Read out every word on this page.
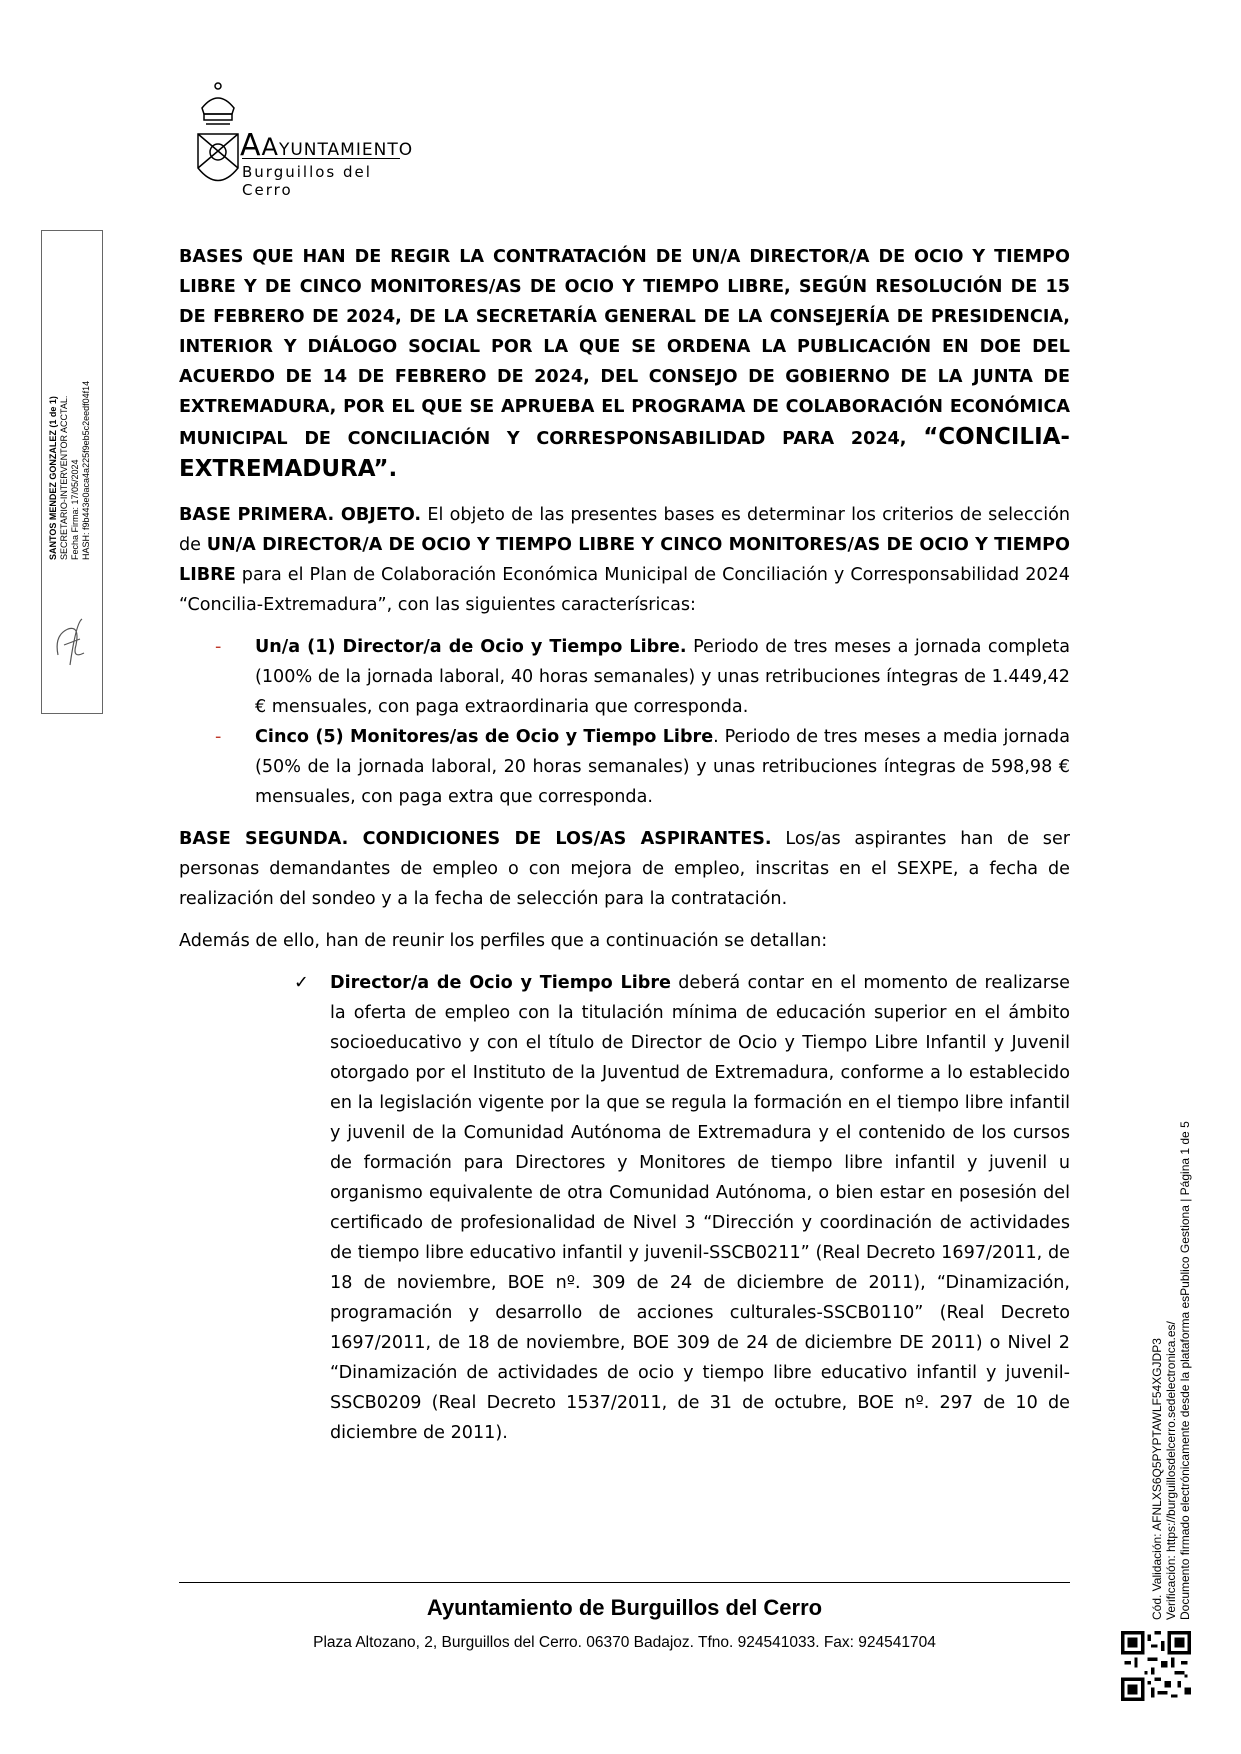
AAyuntamiento
Burguillos del Cerro
SANTOS MENDEZ GONZALEZ (1 de 1) SECRETARIO-INTERVENTOR ACCTAL. Fecha Firma: 17/05/2024 HASH: f9b443e0aca4a225f9eb5c2eedf04f14

BASES QUE HAN DE REGIR LA CONTRATACIÓN DE UN/A DIRECTOR/A DE OCIO Y TIEMPO LIBRE Y DE CINCO MONITORES/AS DE OCIO Y TIEMPO LIBRE, SEGÚN RESOLUCIÓN DE 15 DE FEBRERO DE 2024, DE LA SECRETARÍA GENERAL DE LA CONSEJERÍA DE PRESIDENCIA, INTERIOR Y DIÁLOGO SOCIAL POR LA QUE SE ORDENA LA PUBLICACIÓN EN DOE DEL ACUERDO DE 14 DE FEBRERO DE 2024, DEL CONSEJO DE GOBIERNO DE LA JUNTA DE EXTREMADURA, POR EL QUE SE APRUEBA EL PROGRAMA DE COLABORACIÓN ECONÓMICA MUNICIPAL DE CONCILIACIÓN Y CORRESPONSABILIDAD PARA 2024, “CONCILIA-EXTREMADURA”.

BASE PRIMERA. OBJETO. El objeto de las presentes bases es determinar los criterios de selección de UN/A DIRECTOR/A DE OCIO Y TIEMPO LIBRE Y CINCO MONITORES/AS DE OCIO Y TIEMPO LIBRE para el Plan de Colaboración Económica Municipal de Conciliación y Corresponsabilidad 2024 “Concilia-Extremadura”, con las siguientes caracterísricas:

- Un/a (1) Director/a de Ocio y Tiempo Libre. Periodo de tres meses a jornada completa (100% de la jornada laboral, 40 horas semanales) y unas retribuciones íntegras de 1.449,42 € mensuales, con paga extraordinaria que corresponda.
- Cinco (5) Monitores/as de Ocio y Tiempo Libre. Periodo de tres meses a media jornada (50% de la jornada laboral, 20 horas semanales) y unas retribuciones íntegras de 598,98 € mensuales, con paga extra que corresponda.

BASE SEGUNDA. CONDICIONES DE LOS/AS ASPIRANTES. Los/as aspirantes han de ser personas demandantes de empleo o con mejora de empleo, inscritas en el SEXPE, a fecha de realización del sondeo y a la fecha de selección para la contratación.

Además de ello, han de reunir los perfiles que a continuación se detallan:

✓ Director/a de Ocio y Tiempo Libre deberá contar en el momento de realizarse la oferta de empleo con la titulación mínima de educación superior en el ámbito socioeducativo y con el título de Director de Ocio y Tiempo Libre Infantil y Juvenil otorgado por el Instituto de la Juventud de Extremadura, conforme a lo establecido en la legislación vigente por la que se regula la formación en el tiempo libre infantil y juvenil de la Comunidad Autónoma de Extremadura y el contenido de los cursos de formación para Directores y Monitores de tiempo libre infantil y juvenil u organismo equivalente de otra Comunidad Autónoma, o bien estar en posesión del certificado de profesionalidad de Nivel 3 “Dirección y coordinación de actividades de tiempo libre educativo infantil y juvenil-SSCB0211” (Real Decreto 1697/2011, de 18 de noviembre, BOE nº. 309 de 24 de diciembre de 2011), “Dinamización, programación y desarrollo de acciones culturales-SSCB0110” (Real Decreto 1697/2011, de 18 de noviembre, BOE 309 de 24 de diciembre DE 2011) o Nivel 2 “Dinamización de actividades de ocio y tiempo libre educativo infantil y juvenil-SSCB0209 (Real Decreto 1537/2011, de 31 de octubre, BOE nº. 297 de 10 de diciembre de 2011).
Ayuntamiento de Burguillos del Cerro
Plaza Altozano, 2, Burguillos del Cerro. 06370 Badajoz. Tfno. 924541033. Fax: 924541704
Cód. Validación: AFNLXS6Q5PYPTAWLF54XGJDP3 Verificación: https://burguillosdelcerro.sedelectronica.es/ Documento firmado electrónicamente desde la plataforma esPublico Gestiona | Página 1 de 5
